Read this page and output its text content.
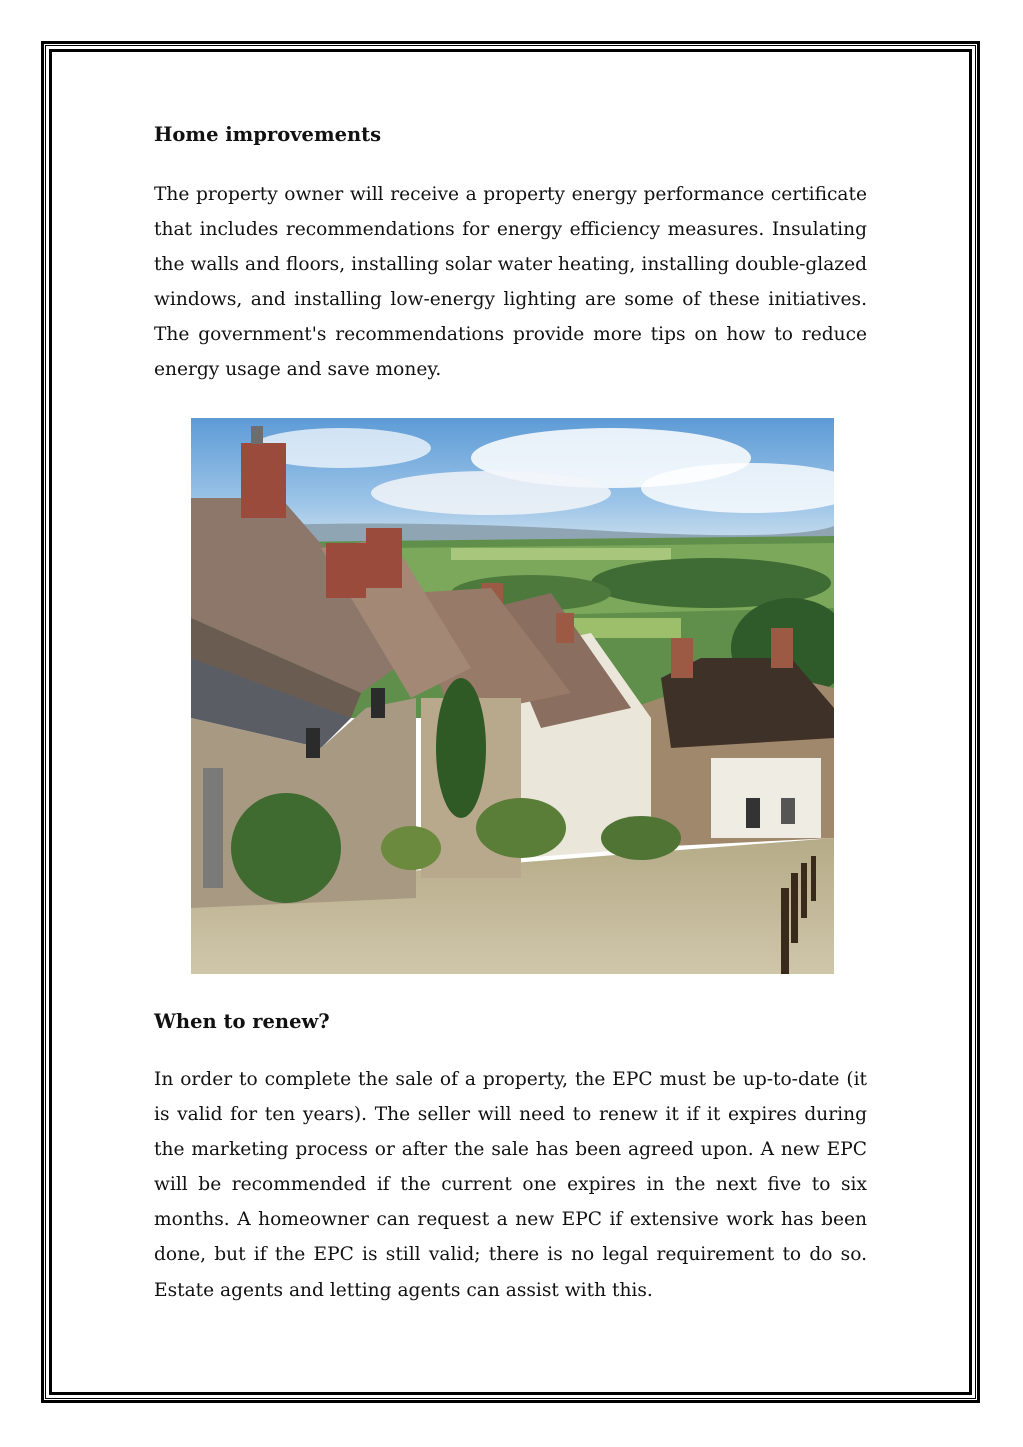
Home improvements

The property owner will receive a property energy performance certificate that includes recommendations for energy efficiency measures. Insulating the walls and floors, installing solar water heating, installing double-glazed windows, and installing low-energy lighting are some of these initiatives. The government's recommendations provide more tips on how to reduce energy usage and save money.

When to renew?

In order to complete the sale of a property, the EPC must be up-to-date (it is valid for ten years). The seller will need to renew it if it expires during the marketing process or after the sale has been agreed upon. A new EPC will be recommended if the current one expires in the next five to six months. A homeowner can request a new EPC if extensive work has been done, but if the EPC is still valid; there is no legal requirement to do so. Estate agents and letting agents can assist with this.
